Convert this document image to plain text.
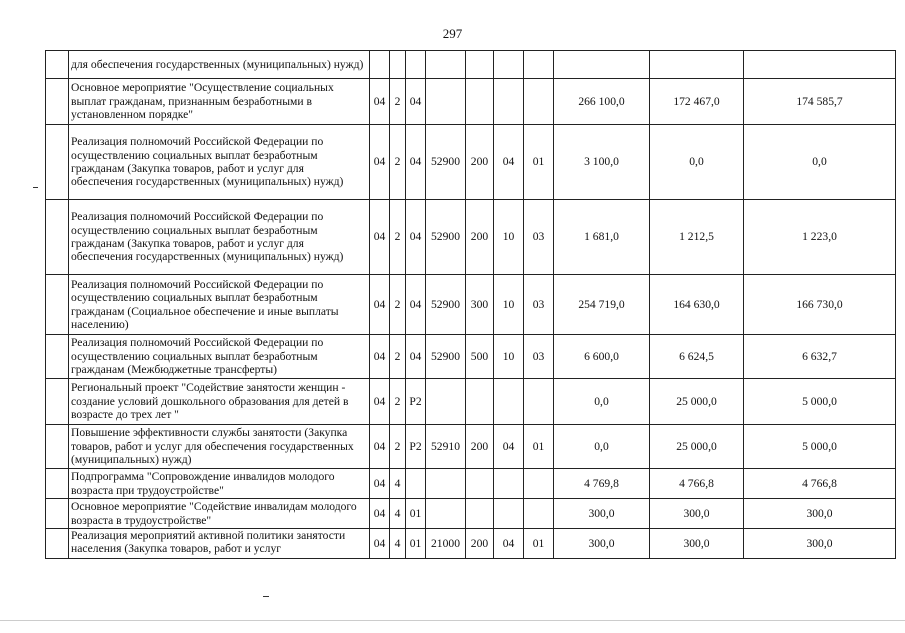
297
	для обеспечения государственных (муниципальных) нужд)										
	Основное мероприятие "Осуществление социальных выплат гражданам, признанным безработными в установленном порядке"	04	2	04					266 100,0	172 467,0	174 585,7
	Реализация полномочий Российской Федерации по осуществлению социальных выплат безработным гражданам (Закупка товаров, работ и услуг для обеспечения государственных (муниципальных) нужд)	04	2	04	52900	200	04	01	3 100,0	0,0	0,0
	Реализация полномочий Российской Федерации по осуществлению социальных выплат безработным гражданам (Закупка товаров, работ и услуг для обеспечения государственных (муниципальных) нужд)	04	2	04	52900	200	10	03	1 681,0	1 212,5	1 223,0
	Реализация полномочий Российской Федерации по осуществлению социальных выплат безработным гражданам (Социальное обеспечение и иные выплаты населению)	04	2	04	52900	300	10	03	254 719,0	164 630,0	166 730,0
	Реализация полномочий Российской Федерации по осуществлению социальных выплат безработным гражданам (Межбюджетные трансферты)	04	2	04	52900	500	10	03	6 600,0	6 624,5	6 632,7
	Региональный проект "Содействие занятости женщин - создание условий дошкольного образования для детей в возрасте до трех лет "	04	2	P2					0,0	25 000,0	5 000,0
	Повышение эффективности службы занятости (Закупка товаров, работ и услуг для обеспечения государственных (муниципальных) нужд)	04	2	P2	52910	200	04	01	0,0	25 000,0	5 000,0
	Подпрограмма "Сопровождение инвалидов молодого возраста при трудоустройстве"	04	4						4 769,8	4 766,8	4 766,8
	Основное мероприятие "Содействие инвалидам молодого возраста в трудоустройстве"	04	4	01					300,0	300,0	300,0
	Реализация мероприятий активной политики занятости населения (Закупка товаров, работ и услуг	04	4	01	21000	200	04	01	300,0	300,0	300,0
